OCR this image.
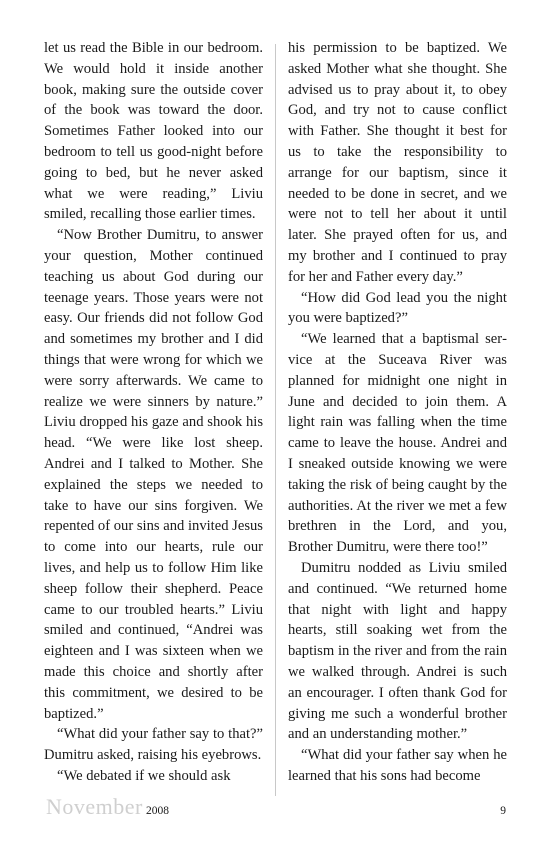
let us read the Bible in our bedroom. We would hold it inside another book, making sure the outside cover of the book was toward the door. Sometimes Father looked into our bedroom to tell us good-night before going to bed, but he never asked what we were reading,” Liviu smiled, recalling those earlier times.

“Now Brother Dumitru, to answer your question, Mother continued teaching us about God during our teenage years. Those years were not easy. Our friends did not follow God and sometimes my brother and I did things that were wrong for which we were sorry afterwards. We came to realize we were sinners by nature.” Liviu dropped his gaze and shook his head. “We were like lost sheep. Andrei and I talked to Mother. She explained the steps we needed to take to have our sins forgiven. We repented of our sins and invited Jesus to come into our hearts, rule our lives, and help us to follow Him like sheep follow their shepherd. Peace came to our troubled hearts.” Liviu smiled and continued, “Andrei was eighteen and I was sixteen when we made this choice and shortly after this commitment, we desired to be baptized.”

“What did your father say to that?” Dumitru asked, raising his eyebrows.

“We debated if we should ask

his permission to be baptized. We asked Mother what she thought. She advised us to pray about it, to obey God, and try not to cause conflict with Father. She thought it best for us to take the responsibility to arrange for our baptism, since it needed to be done in secret, and we were not to tell her about it until later. She prayed often for us, and my brother and I continued to pray for her and Father every day.”

“How did God lead you the night you were baptized?”

“We learned that a baptismal service at the Suceava River was planned for midnight one night in June and decided to join them. A light rain was falling when the time came to leave the house. Andrei and I sneaked outside knowing we were taking the risk of being caught by the authorities. At the river we met a few brethren in the Lord, and you, Brother Dumitru, were there too!”

Dumitru nodded as Liviu smiled and continued. “We returned home that night with light and happy hearts, still soaking wet from the baptism in the river and from the rain we walked through. Andrei is such an encourager. I often thank God for giving me such a wonderful brother and an understanding mother.”

“What did your father say when he learned that his sons had become

November 2008	9
